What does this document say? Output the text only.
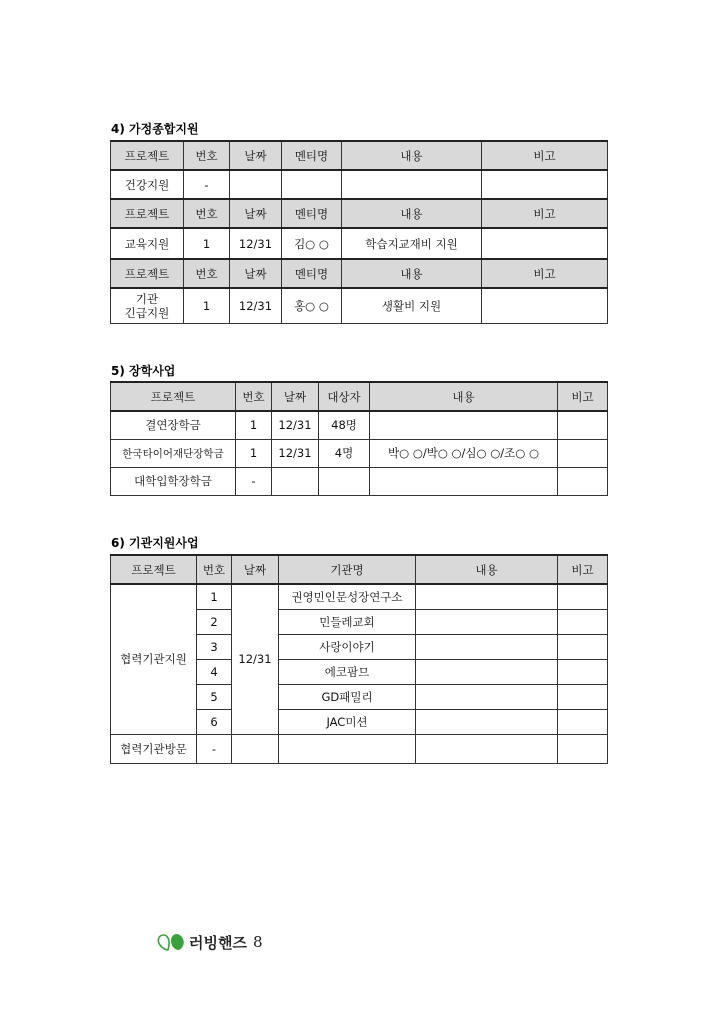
4) 가정종합지원
프로젝트	번호	날짜	멘티명	내용	비고
건강지원	-				
프로젝트	번호	날짜	멘티명	내용	비고
교육지원	1	12/31	김○ ○	학습지교재비 지원	
프로젝트	번호	날짜	멘티명	내용	비고
기관
긴급지원	1	12/31	홍○ ○	생활비 지원	
5) 장학사업
프로젝트	번호	날짜	대상자	내용	비고
결연장학금	1	12/31	48명		
한국타이어재단장학금	1	12/31	4명	박○ ○/박○ ○/심○ ○/조○ ○	
대학입학장학금	-				
6) 기관지원사업
프로젝트	번호	날짜	기관명	내용	비고
협력기관지원	1	12/31	권영민인문성장연구소		
	2		민들레교회		
	3		사랑이야기		
	4		에코팜므		
	5		GD패밀리		
	6		JAC미션		
협력기관방문	-				
러빙핸즈 8
